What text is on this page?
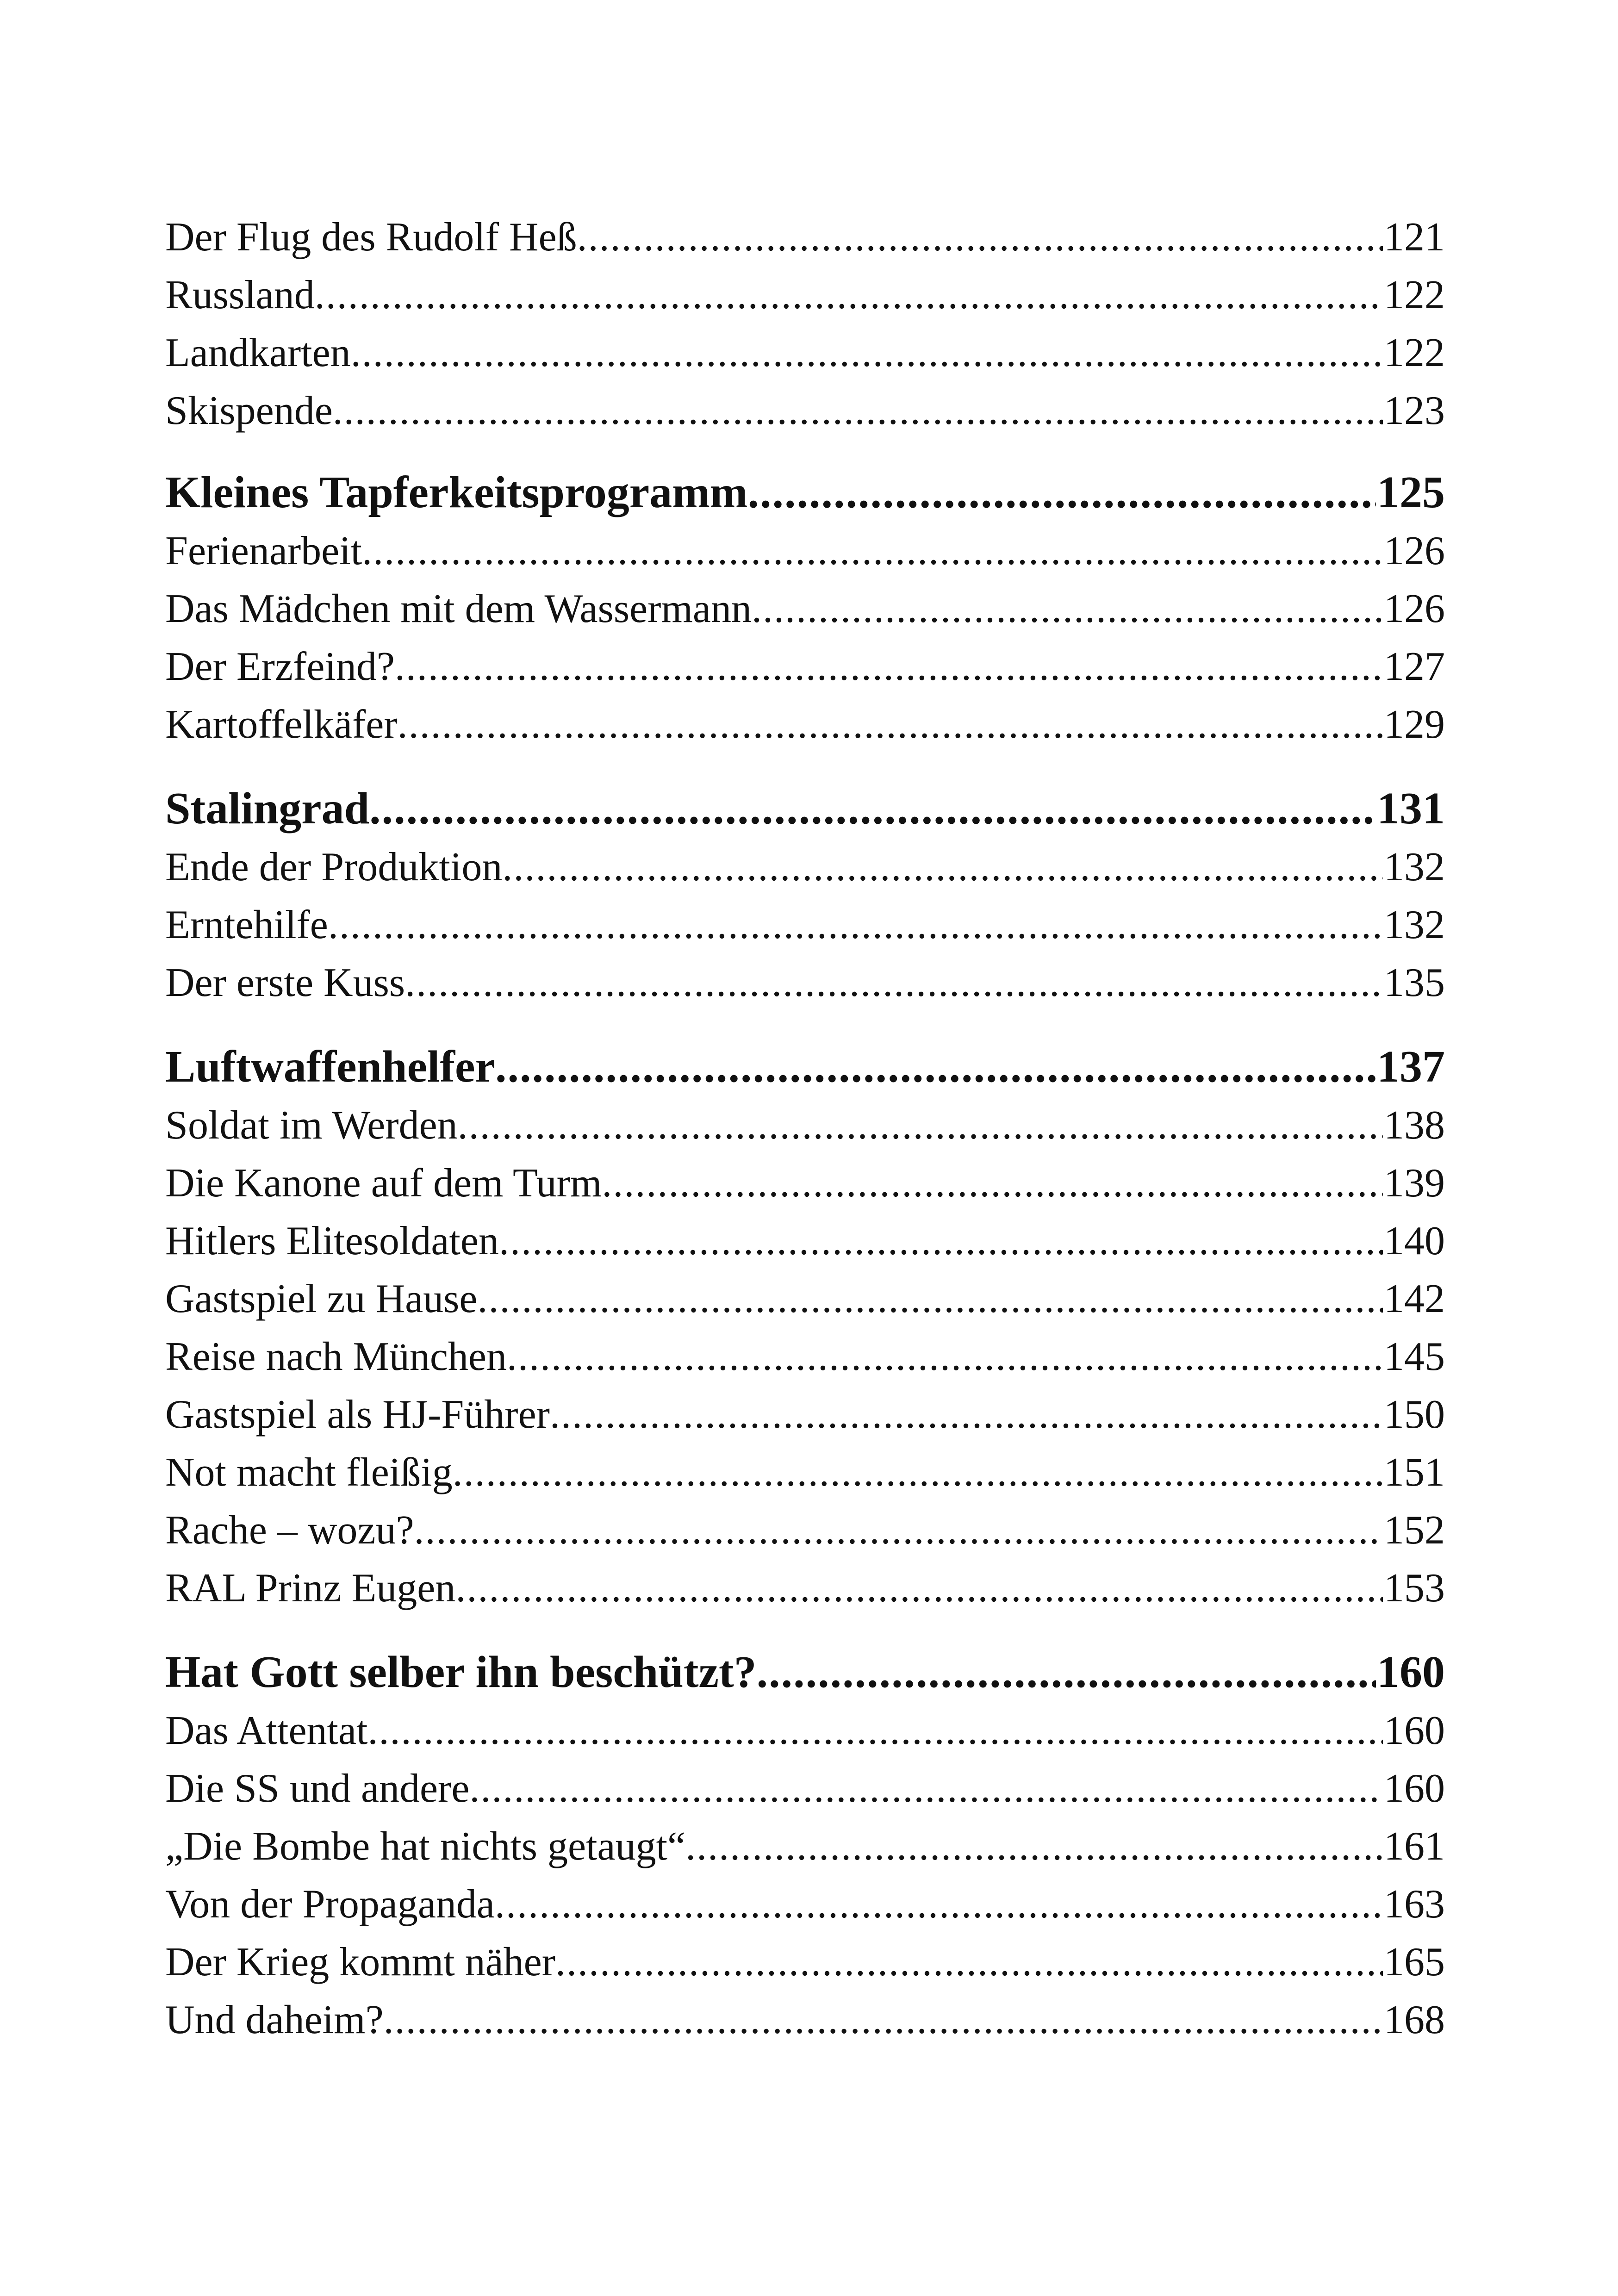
Der Flug des Rudolf Heß .....	121
Russland .....	122
Landkarten .....	122
Skispende .....	123
Kleines Tapferkeitsprogramm .....	125
Ferienarbeit .....	126
Das Mädchen mit dem Wassermann .....	126
Der Erzfeind? .....	127
Kartoffelkäfer .....	129
Stalingrad .....	131
Ende der Produktion .....	132
Erntehilfe .....	132
Der erste Kuss .....	135
Luftwaffenhelfer .....	137
Soldat im Werden .....	138
Die Kanone auf dem Turm .....	139
Hitlers Elitesoldaten .....	140
Gastspiel zu Hause .....	142
Reise nach München .....	145
Gastspiel als HJ-Führer .....	150
Not macht fleißig .....	151
Rache – wozu? .....	152
RAL Prinz Eugen .....	153
Hat Gott selber ihn beschützt? .....	160
Das Attentat .....	160
Die SS und andere .....	160
„Die Bombe hat nichts getaugt“ .....	161
Von der Propaganda .....	163
Der Krieg kommt näher .....	165
Und daheim? .....	168
